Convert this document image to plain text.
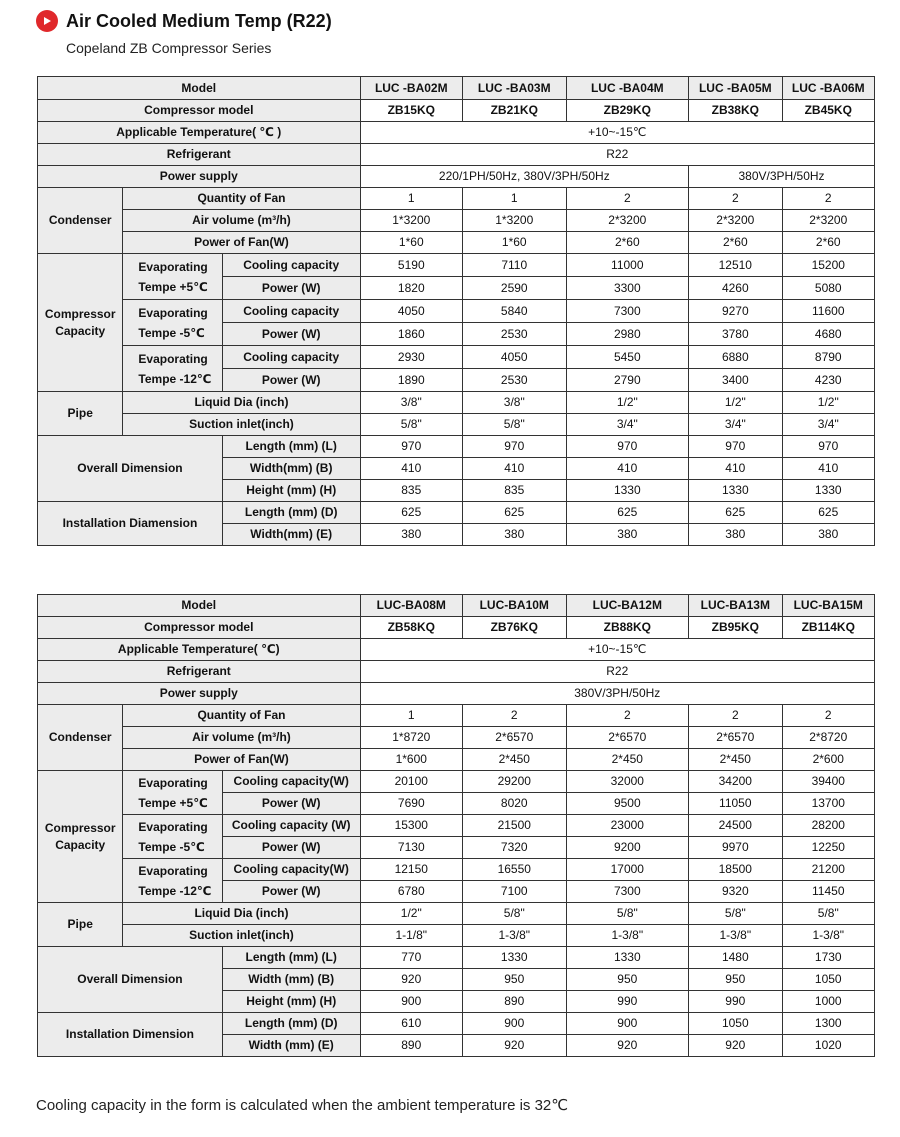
Air Cooled Medium Temp (R22)
Copeland ZB Compressor Series
Model			LUC -BA02M	LUC -BA03M	LUC -BA04M	LUC -BA05M	LUC -BA06M
Compressor model			ZB15KQ	ZB21KQ	ZB29KQ	ZB38KQ	ZB45KQ
Applicable Temperature( ℃ )			+10~-15℃				
Refrigerant			R22				
Power supply			220/1PH/50Hz, 380V/3PH/50Hz			380V/3PH/50Hz	
Condenser	Quantity of Fan		1	1	2	2	2
	Air volume (m³/h)		1*3200	1*3200	2*3200	2*3200	2*3200
	Power of Fan(W)		1*60	1*60	2*60	2*60	2*60
Compressor Capacity	Evaporating Tempe +5℃	Cooling capacity	5190	7110	11000	12510	15200
		Power (W)	1820	2590	3300	4260	5080
	Evaporating Tempe -5℃	Cooling capacity	4050	5840	7300	9270	11600
		Power (W)	1860	2530	2980	3780	4680
	Evaporating Tempe -12℃	Cooling capacity	2930	4050	5450	6880	8790
		Power (W)	1890	2530	2790	3400	4230
Pipe	Liquid Dia (inch)		3/8"	3/8"	1/2"	1/2"	1/2"
	Suction inlet(inch)		5/8"	5/8"	3/4"	3/4"	3/4"
Overall Dimension		Length (mm) (L)	970	970	970	970	970
		Width(mm) (B)	410	410	410	410	410
		Height (mm) (H)	835	835	1330	1330	1330
Installation Diamension		Length (mm) (D)	625	625	625	625	625
		Width(mm) (E)	380	380	380	380	380
Model			LUC-BA08M	LUC-BA10M	LUC-BA12M	LUC-BA13M	LUC-BA15M
Compressor model			ZB58KQ	ZB76KQ	ZB88KQ	ZB95KQ	ZB114KQ
Applicable Temperature( ℃)			+10~-15℃				
Refrigerant			R22				
Power supply			380V/3PH/50Hz				
Condenser	Quantity of Fan		1	2	2	2	2
	Air volume (m³/h)		1*8720	2*6570	2*6570	2*6570	2*8720
	Power of Fan(W)		1*600	2*450	2*450	2*450	2*600
Compressor Capacity	Evaporating Tempe +5℃	Cooling capacity(W)	20100	29200	32000	34200	39400
		Power (W)	7690	8020	9500	11050	13700
	Evaporating Tempe -5℃	Cooling capacity (W)	15300	21500	23000	24500	28200
		Power (W)	7130	7320	9200	9970	12250
	Evaporating Tempe -12℃	Cooling capacity(W)	12150	16550	17000	18500	21200
		Power (W)	6780	7100	7300	9320	11450
Pipe	Liquid Dia (inch)		1/2"	5/8"	5/8"	5/8"	5/8"
	Suction inlet(inch)		1-1/8"	1-3/8"	1-3/8"	1-3/8"	1-3/8"
Overall Dimension		Length (mm) (L)	770	1330	1330	1480	1730
		Width (mm) (B)	920	950	950	950	1050
		Height (mm) (H)	900	890	990	990	1000
Installation Dimension		Length (mm) (D)	610	900	900	1050	1300
		Width (mm) (E)	890	920	920	920	1020
Cooling capacity in the form is calculated when the ambient temperature is 32℃
